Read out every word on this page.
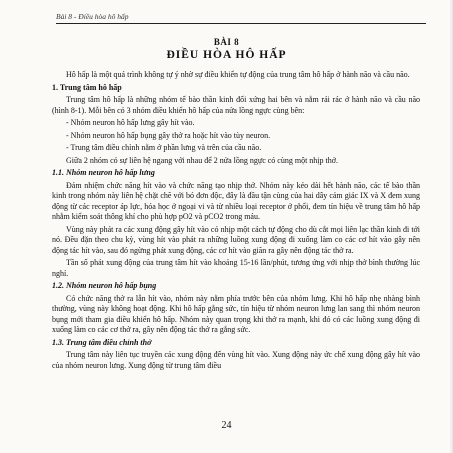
Bài 8 - Điều hòa hô hấp
BÀI 8
ĐIỀU HÒA HÔ HẤP

Hô hấp là một quá trình không tự ý nhờ sự điều khiển tự động của trung tâm hô hấp ở hành não và cầu não.

1. Trung tâm hô hấp

Trung tâm hô hấp là những nhóm tế bào thần kinh đối xứng hai bên và nằm rải rác ở hành não và cầu não (hình 8-1). Mỗi bên có 3 nhóm điều khiển hô hấp của nửa lồng ngực cùng bên:

- Nhóm neuron hô hấp lưng gây hít vào.

- Nhóm neuron hô hấp bụng gây thở ra hoặc hít vào tùy neuron.

- Trung tâm điều chỉnh nằm ở phần lưng và trên của cầu não.

Giữa 2 nhóm có sự liên hệ ngang với nhau để 2 nửa lồng ngực có cùng một nhịp thở.

1.1. Nhóm neuron hô hấp lưng

Đảm nhiệm chức năng hít vào và chức năng tạo nhịp thở. Nhóm này kéo dài hết hành não, các tế bào thần kinh trong nhóm này liên hệ chặt chẽ với bó đơn độc, đây là đầu tận cùng của hai dây cảm giác IX và X đem xung động từ các receptor áp lực, hóa học ở ngoại vi và từ nhiều loại receptor ở phổi, đem tín hiệu về trung tâm hô hấp nhằm kiểm soát thông khí cho phù hợp pO2 và pCO2 trong máu.

Vùng này phát ra các xung động gây hít vào có nhịp một cách tự động cho dù cắt mọi liên lạc thần kinh đi tới nó. Đều đặn theo chu kỳ, vùng hít vào phát ra những luồng xung động đi xuống làm co các cơ hít vào gây nên động tác hít vào, sau đó ngừng phát xung động, các cơ hít vào giãn ra gây nên động tác thở ra.

Tần số phát xung động của trung tâm hít vào khoảng 15-16 lần/phút, tương ứng với nhịp thở bình thường lúc nghỉ.

1.2. Nhóm neuron hô hấp bụng

Có chức năng thở ra lẫn hít vào, nhóm này nằm phía trước bên của nhóm lưng. Khi hô hấp nhẹ nhàng bình thường, vùng này không hoạt động. Khi hô hấp gắng sức, tín hiệu từ nhóm neuron lưng lan sang thì nhóm neuron bụng mới tham gia điều khiển hô hấp. Nhóm này quan trọng khi thở ra mạnh, khi đó có các luồng xung động đi xuống làm co các cơ thở ra, gây nên động tác thở ra gắng sức.

1.3. Trung tâm điều chỉnh thở

Trung tâm này liên tục truyền các xung động đến vùng hít vào. Xung động này ức chế xung động gây hít vào của nhóm neuron lưng. Xung động từ trung tâm điều

24
